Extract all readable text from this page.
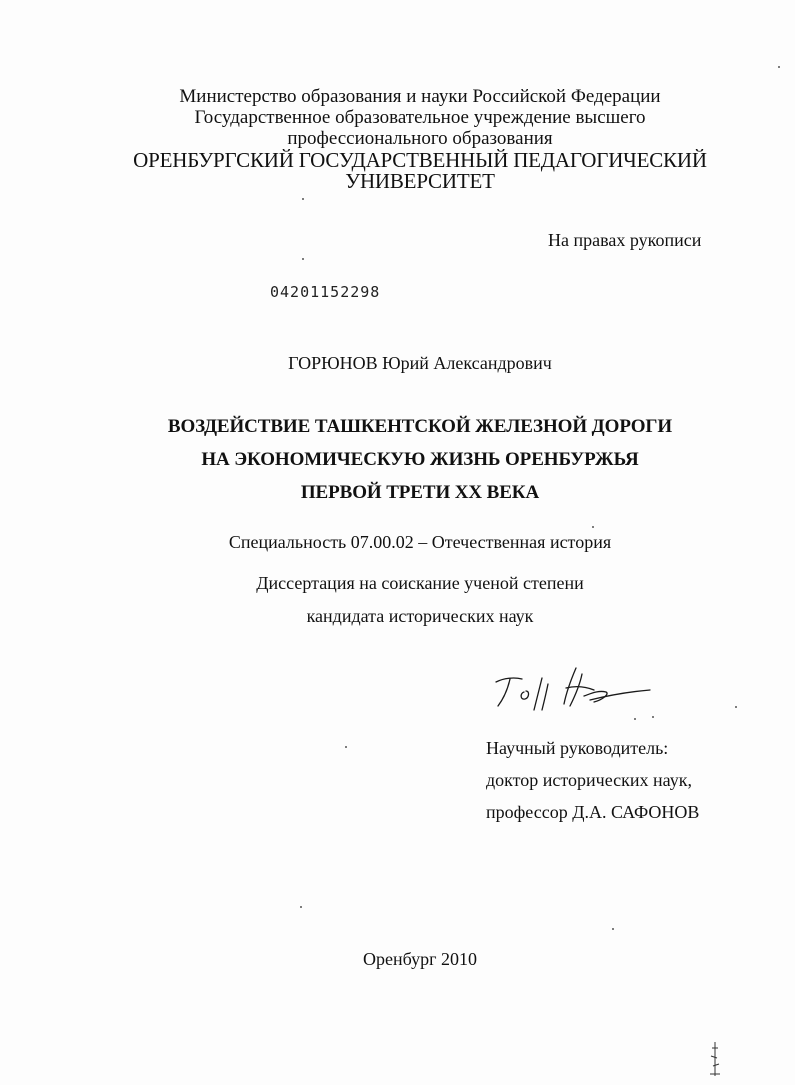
Министерство образования и науки Российской Федерации
Государственное образовательное учреждение высшего
профессионального образования
ОРЕНБУРГСКИЙ ГОСУДАРСТВЕННЫЙ ПЕДАГОГИЧЕСКИЙ
УНИВЕРСИТЕТ
На правах рукописи
04201152298
ГОРЮНОВ Юрий Александрович
ВОЗДЕЙСТВИЕ ТАШКЕНТСКОЙ ЖЕЛЕЗНОЙ ДОРОГИ
НА ЭКОНОМИЧЕСКУЮ ЖИЗНЬ ОРЕНБУРЖЬЯ
ПЕРВОЙ ТРЕТИ XX ВЕКА
Специальность 07.00.02 – Отечественная история
Диссертация на соискание ученой степени
кандидата исторических наук
Научный руководитель:
доктор исторических наук,
профессор Д.А. САФОНОВ
Оренбург 2010
